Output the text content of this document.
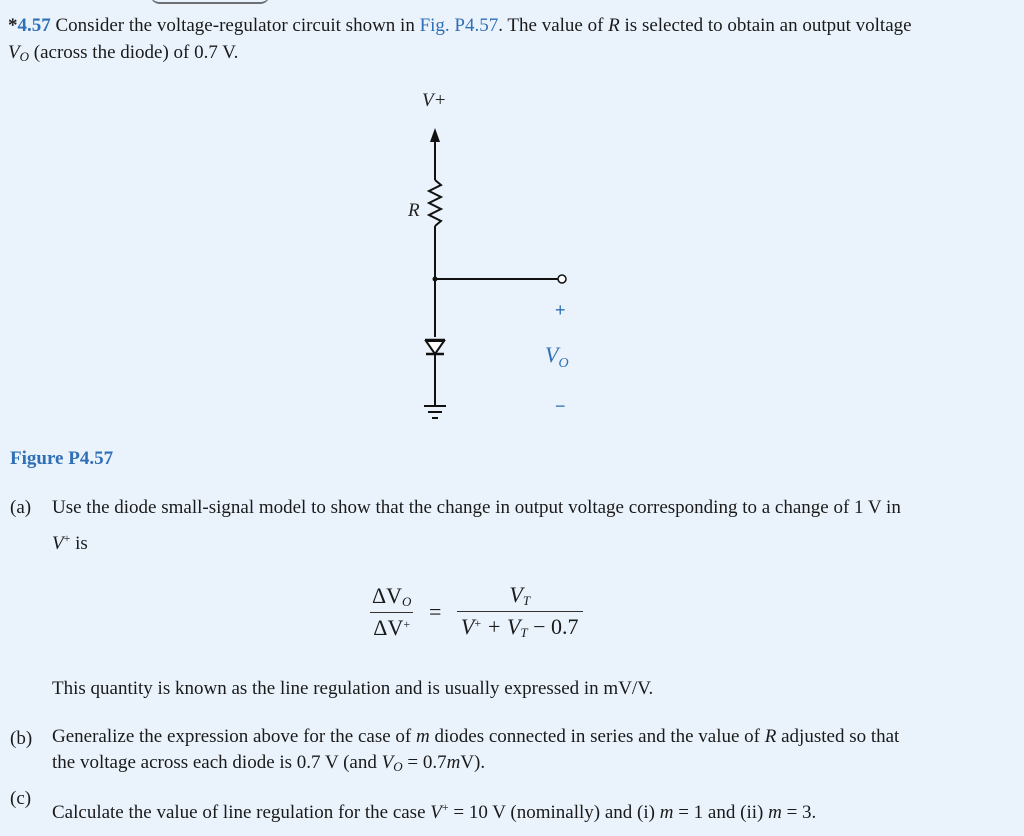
*4.57 Consider the voltage-regulator circuit shown in Fig. P4.57. The value of R is selected to obtain an output voltage
$V_O$ (across the diode) of 0.7 V.
V+
R
+
$V_O$
−
Figure P4.57
(a) Use the diode small-signal model to show that the change in output voltage corresponding to a change of 1 V in
V+ is
$\frac{\Delta V_O}{\Delta V^+} = \frac{V_T}{V^+ + V_T - 0.7}$
This quantity is known as the line regulation and is usually expressed in mV/V.
(b) Generalize the expression above for the case of m diodes connected in series and the value of R adjusted so that
the voltage across each diode is 0.7 V (and $V_O = 0.7mV$).
(c)
Calculate the value of line regulation for the case V+ = 10 V (nominally) and (i) m = 1 and (ii) m = 3.
